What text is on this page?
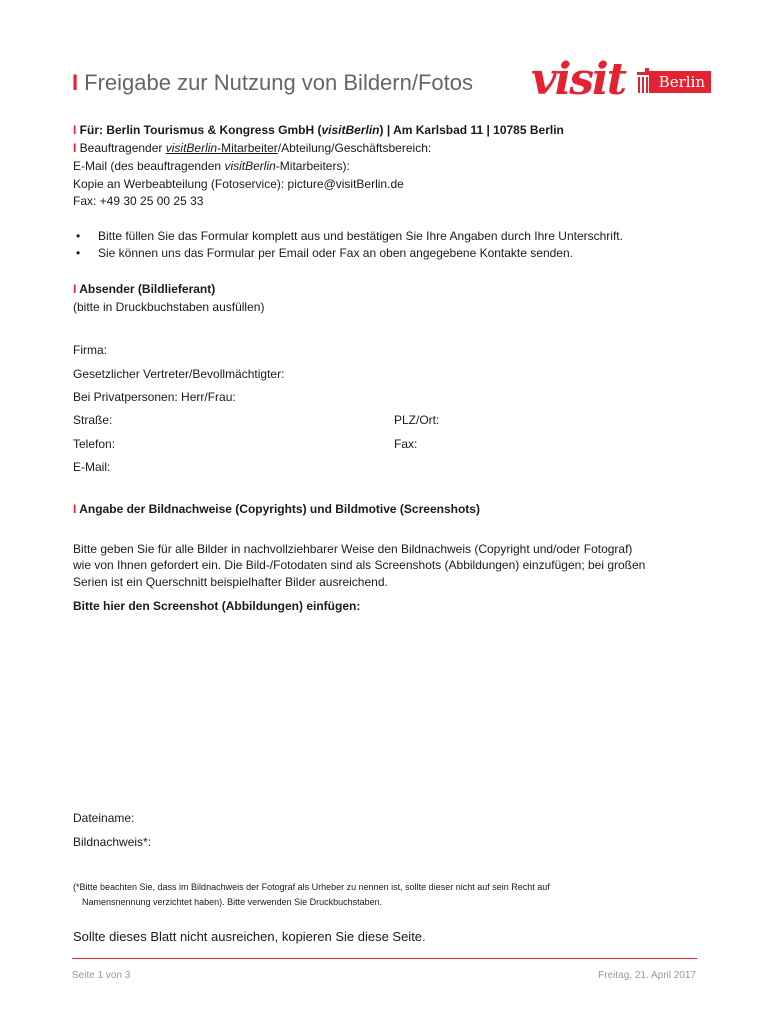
I Freigabe zur Nutzung von Bildern/Fotos visit	Berlin
I Für: Berlin Tourismus & Kongress GmbH (visitBerlin) | Am Karlsbad 11 | 10785 Berlin
I Beauftragender visitBerlin-Mitarbeiter/Abteilung/Geschäftsbereich:
E-Mail (des beauftragenden visitBerlin-Mitarbeiters):
Kopie an Werbeabteilung (Fotoservice): picture@visitBerlin.de
Fax: +49 30 25 00 25 33
• Bitte füllen Sie das Formular komplett aus und bestätigen Sie Ihre Angaben durch Ihre Unterschrift.
• Sie können uns das Formular per Email oder Fax an oben angegebene Kontakte senden.
I Absender (Bildlieferant)
(bitte in Druckbuchstaben ausfüllen)
Firma:
Gesetzlicher Vertreter/Bevollmächtigter:
Bei Privatpersonen: Herr/Frau:
Straße:	PLZ/Ort:
Telefon:	Fax:
E-Mail:
I Angabe der Bildnachweise (Copyrights) und Bildmotive (Screenshots)
Bitte geben Sie für alle Bilder in nachvollziehbarer Weise den Bildnachweis (Copyright und/oder Fotograf)
wie von Ihnen gefordert ein. Die Bild-/Fotodaten sind als Screenshots (Abbildungen) einzufügen; bei großen
Serien ist ein Querschnitt beispielhafter Bilder ausreichend.
Bitte hier den Screenshot (Abbildungen) einfügen:
Dateiname:
Bildnachweis*:
(*Bitte beachten Sie, dass im Bildnachweis der Fotograf als Urheber zu nennen ist, sollte dieser nicht auf sein Recht auf
Namensnennung verzichtet haben). Bitte verwenden Sie Druckbuchstaben.
Sollte dieses Blatt nicht ausreichen, kopieren Sie diese Seite.
Seite 1 von 3	Freitag, 21. April 2017
